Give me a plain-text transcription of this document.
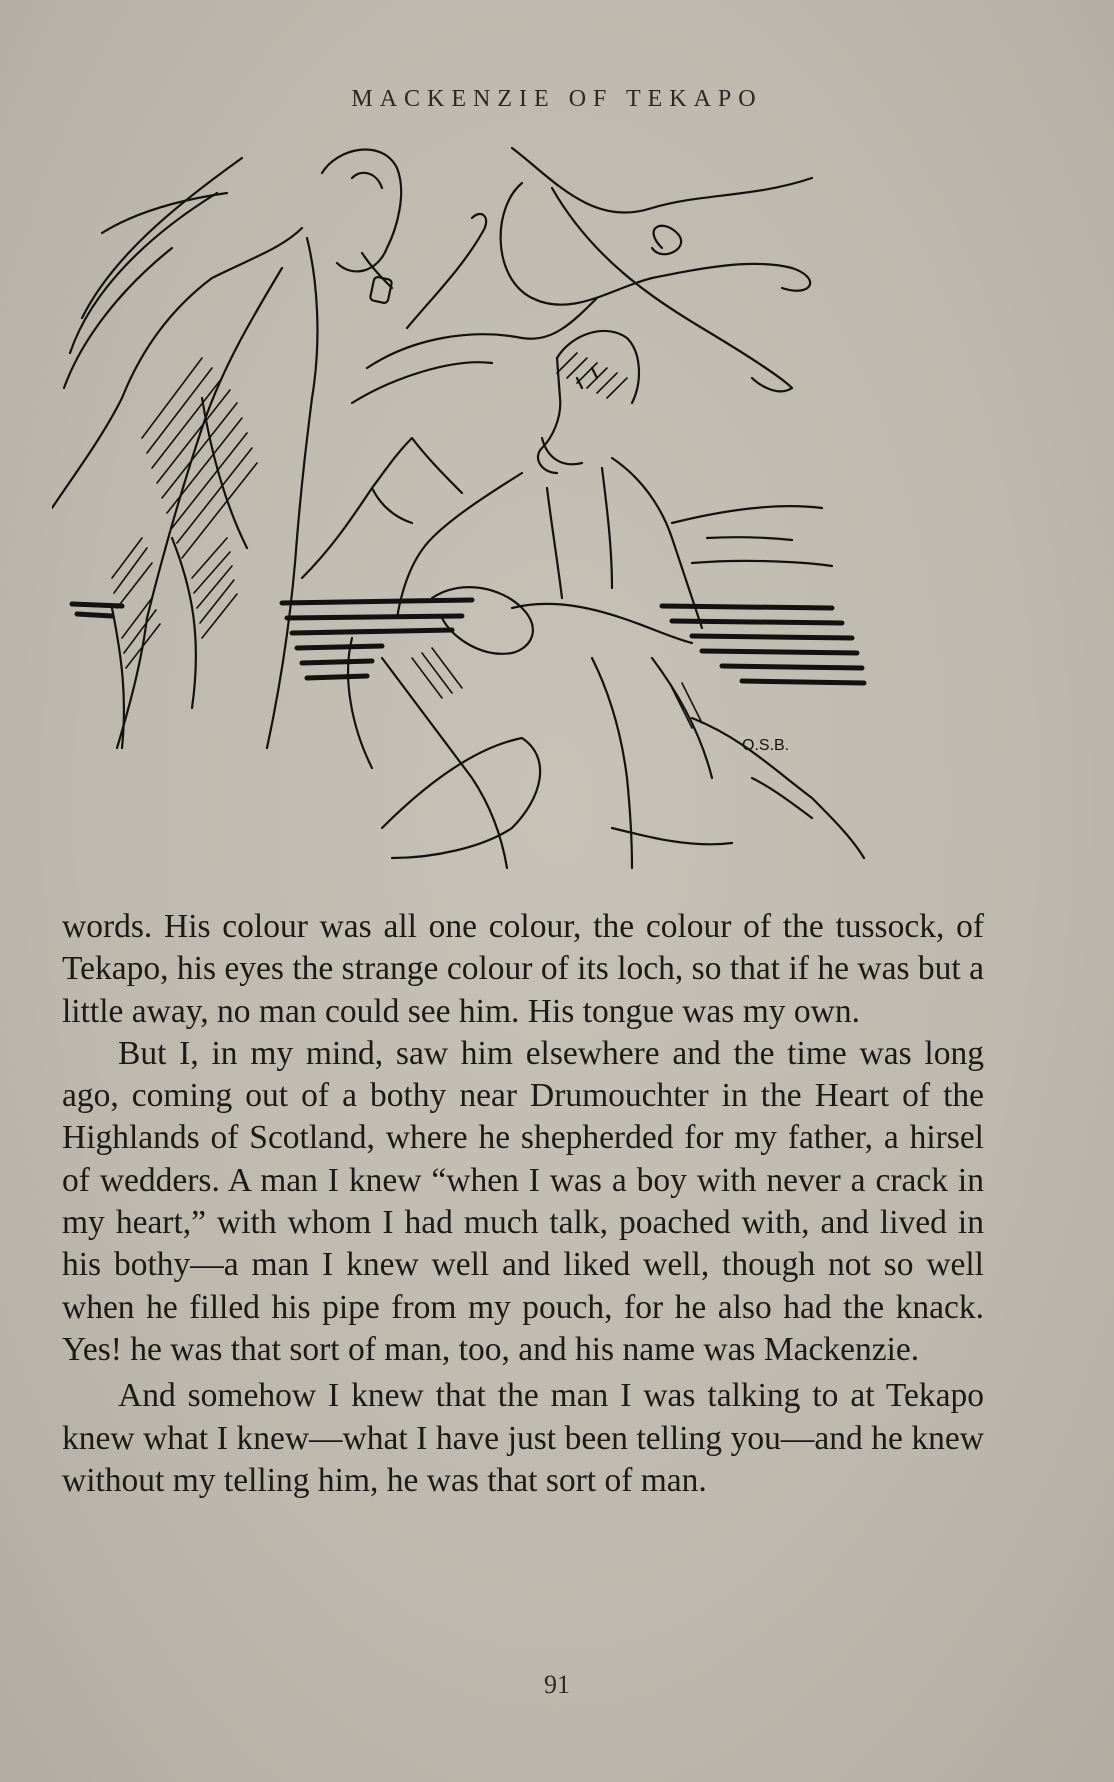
MACKENZIE OF TEKAPO
O.S.B.

words. His colour was all one colour, the colour of the tussock, of Tekapo, his eyes the strange colour of its loch, so that if he was but a little away, no man could see him. His tongue was my own.

But I, in my mind, saw him elsewhere and the time was long ago, coming out of a bothy near Drumouchter in the Heart of the Highlands of Scotland, where he shepherded for my father, a hirsel of wedders. A man I knew “when I was a boy with never a crack in my heart,” with whom I had much talk, poached with, and lived in his bothy—a man I knew well and liked well, though not so well when he filled his pipe from my pouch, for he also had the knack. Yes! he was that sort of man, too, and his name was Mackenzie.

And somehow I knew that the man I was talking to at Tekapo knew what I knew—what I have just been telling you—and he knew without my telling him, he was that sort of man.

91
